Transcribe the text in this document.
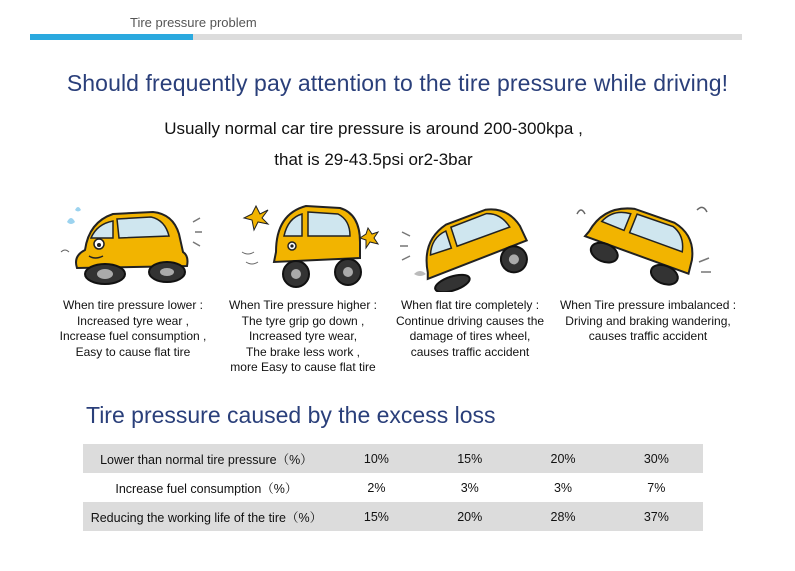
Tire pressure problem
Should frequently pay attention to the tire pressure while driving!
Usually normal car tire pressure is around 200-300kpa ,
that is 29-43.5psi or2-3bar
When tire pressure lower :
Increased tyre wear ,
Increase fuel consumption ,
Easy to cause flat tire
When Tire pressure higher :
The tyre grip go down ,
Increased tyre wear,
The brake less work ,
more Easy to cause flat tire
When flat tire completely :
Continue driving causes the
damage of tires wheel,
causes traffic accident
When Tire pressure imbalanced :
Driving and braking wandering,
causes traffic accident
Tire pressure caused by the excess loss
Lower than normal tire pressure（%）	10%	15%	20%	30%
Increase fuel consumption（%）	2%	3%	3%	7%
Reducing the working life of the tire（%）	15%	20%	28%	37%
